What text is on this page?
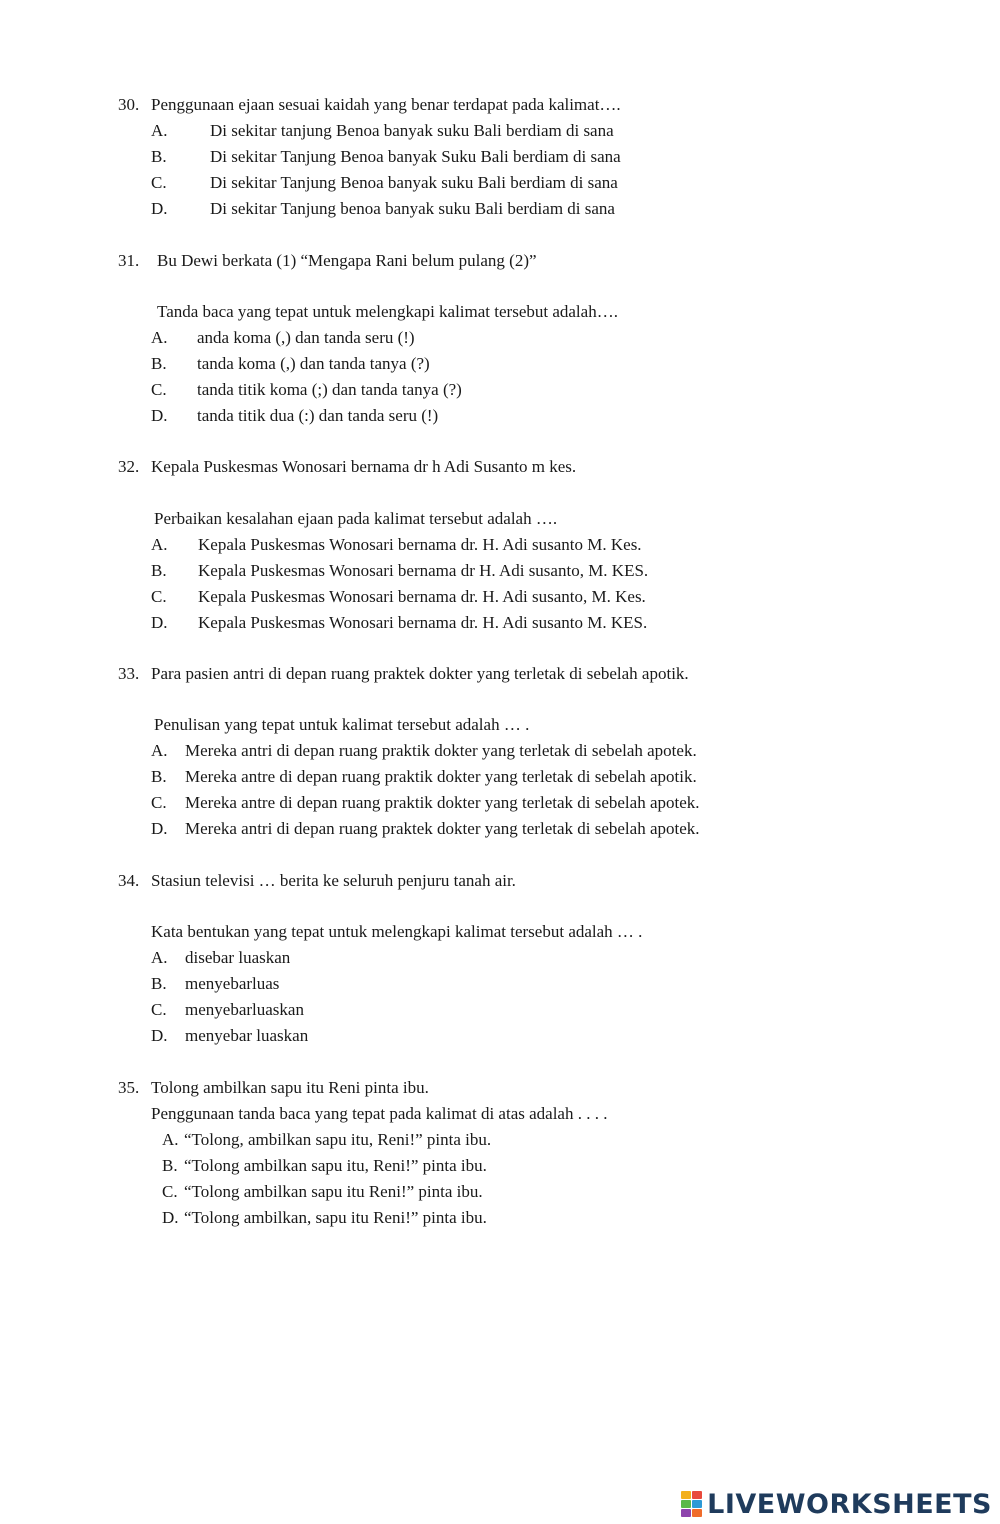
30. Penggunaan ejaan sesuai kaidah yang benar terdapat pada kalimat….
A. Di sekitar tanjung Benoa banyak suku Bali berdiam di sana
B.	Di sekitar Tanjung Benoa banyak Suku Bali berdiam di sana
C.	Di sekitar Tanjung Benoa banyak suku Bali berdiam di sana
D. Di sekitar Tanjung benoa banyak suku Bali berdiam di sana
31. Bu Dewi berkata (1) “Mengapa Rani belum pulang (2)”
Tanda baca yang tepat untuk melengkapi kalimat tersebut adalah….
A. anda koma (,) dan tanda seru (!)
B. tanda koma (,) dan tanda tanya (?)
C. tanda titik koma (;) dan tanda tanya (?)
D. tanda titik dua (:) dan tanda seru (!)
32. Kepala Puskesmas Wonosari bernama dr h Adi Susanto m kes.
Perbaikan kesalahan ejaan pada kalimat tersebut adalah ….
A. Kepala Puskesmas Wonosari bernama dr. H. Adi susanto M. Kes.
B. Kepala Puskesmas Wonosari bernama dr H. Adi susanto, M. KES.
C. Kepala Puskesmas Wonosari bernama dr. H. Adi susanto, M. Kes.
D. Kepala Puskesmas Wonosari bernama dr. H. Adi susanto M. KES.
33. Para pasien antri di depan ruang praktek dokter yang terletak di sebelah apotik.
Penulisan yang tepat untuk kalimat tersebut adalah … .
A. Mereka antri di depan ruang praktik dokter yang terletak di sebelah apotek.
B. Mereka antre di depan ruang praktik dokter yang terletak di sebelah apotik.
C. Mereka antre di depan ruang praktik dokter yang terletak di sebelah apotek.
D. Mereka antri di depan ruang praktek dokter yang terletak di sebelah apotek.
34. Stasiun televisi … berita ke seluruh penjuru tanah air.
Kata bentukan yang tepat untuk melengkapi kalimat tersebut adalah … .
A. disebar luaskan
B. menyebarluas
C. menyebarluaskan
D. menyebar luaskan
35. Tolong ambilkan sapu itu Reni pinta ibu.
Penggunaan tanda baca yang tepat pada kalimat di atas adalah . . . .
A. “Tolong, ambilkan sapu itu, Reni!” pinta ibu.
B. “Tolong ambilkan sapu itu, Reni!” pinta ibu.
C. “Tolong ambilkan sapu itu Reni!” pinta ibu.
D. “Tolong ambilkan, sapu itu Reni!” pinta ibu.
LIVEWORKSHEETS
